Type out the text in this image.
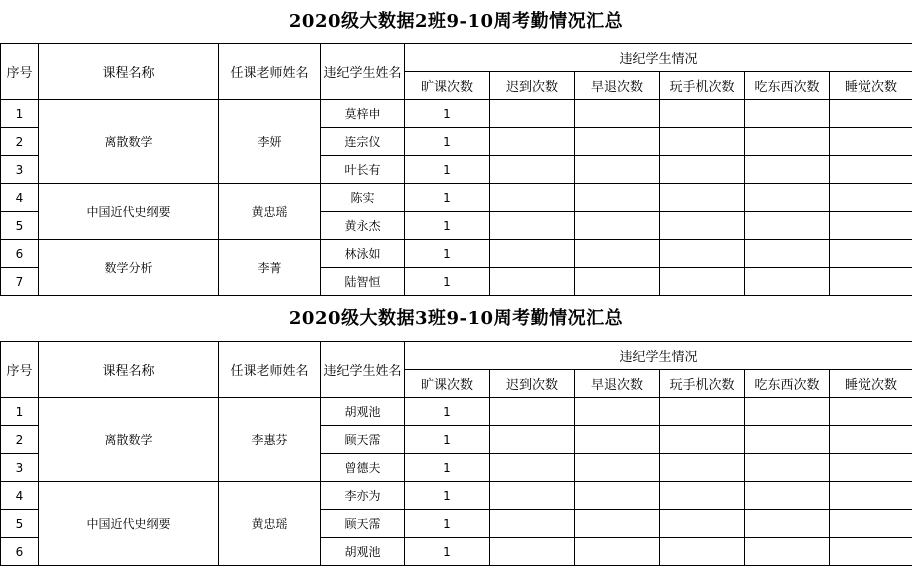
2020级大数据2班9-10周考勤情况汇总
序号	课程名称	任课老师姓名	违纪学生姓名	违纪学生情况					
				旷课次数	迟到次数	早退次数	玩手机次数	吃东西次数	睡觉次数
1	离散数学	李妍	莫梓申	1					
2			连宗仪	1					
3			叶长有	1					
4	中国近代史纲要	黄忠瑶	陈实	1					
5			黄永杰	1					
6	数学分析	李菁	林泳如	1					
7			陆智恒	1					
2020级大数据3班9-10周考勤情况汇总
序号	课程名称	任课老师姓名	违纪学生姓名	违纪学生情况					
				旷课次数	迟到次数	早退次数	玩手机次数	吃东西次数	睡觉次数
1	离散数学	李惠芬	胡观池	1					
2			顾天霈	1					
3			曾德夫	1					
4	中国近代史纲要	黄忠瑶	李亦为	1					
5			顾天霈	1					
6			胡观池	1					
